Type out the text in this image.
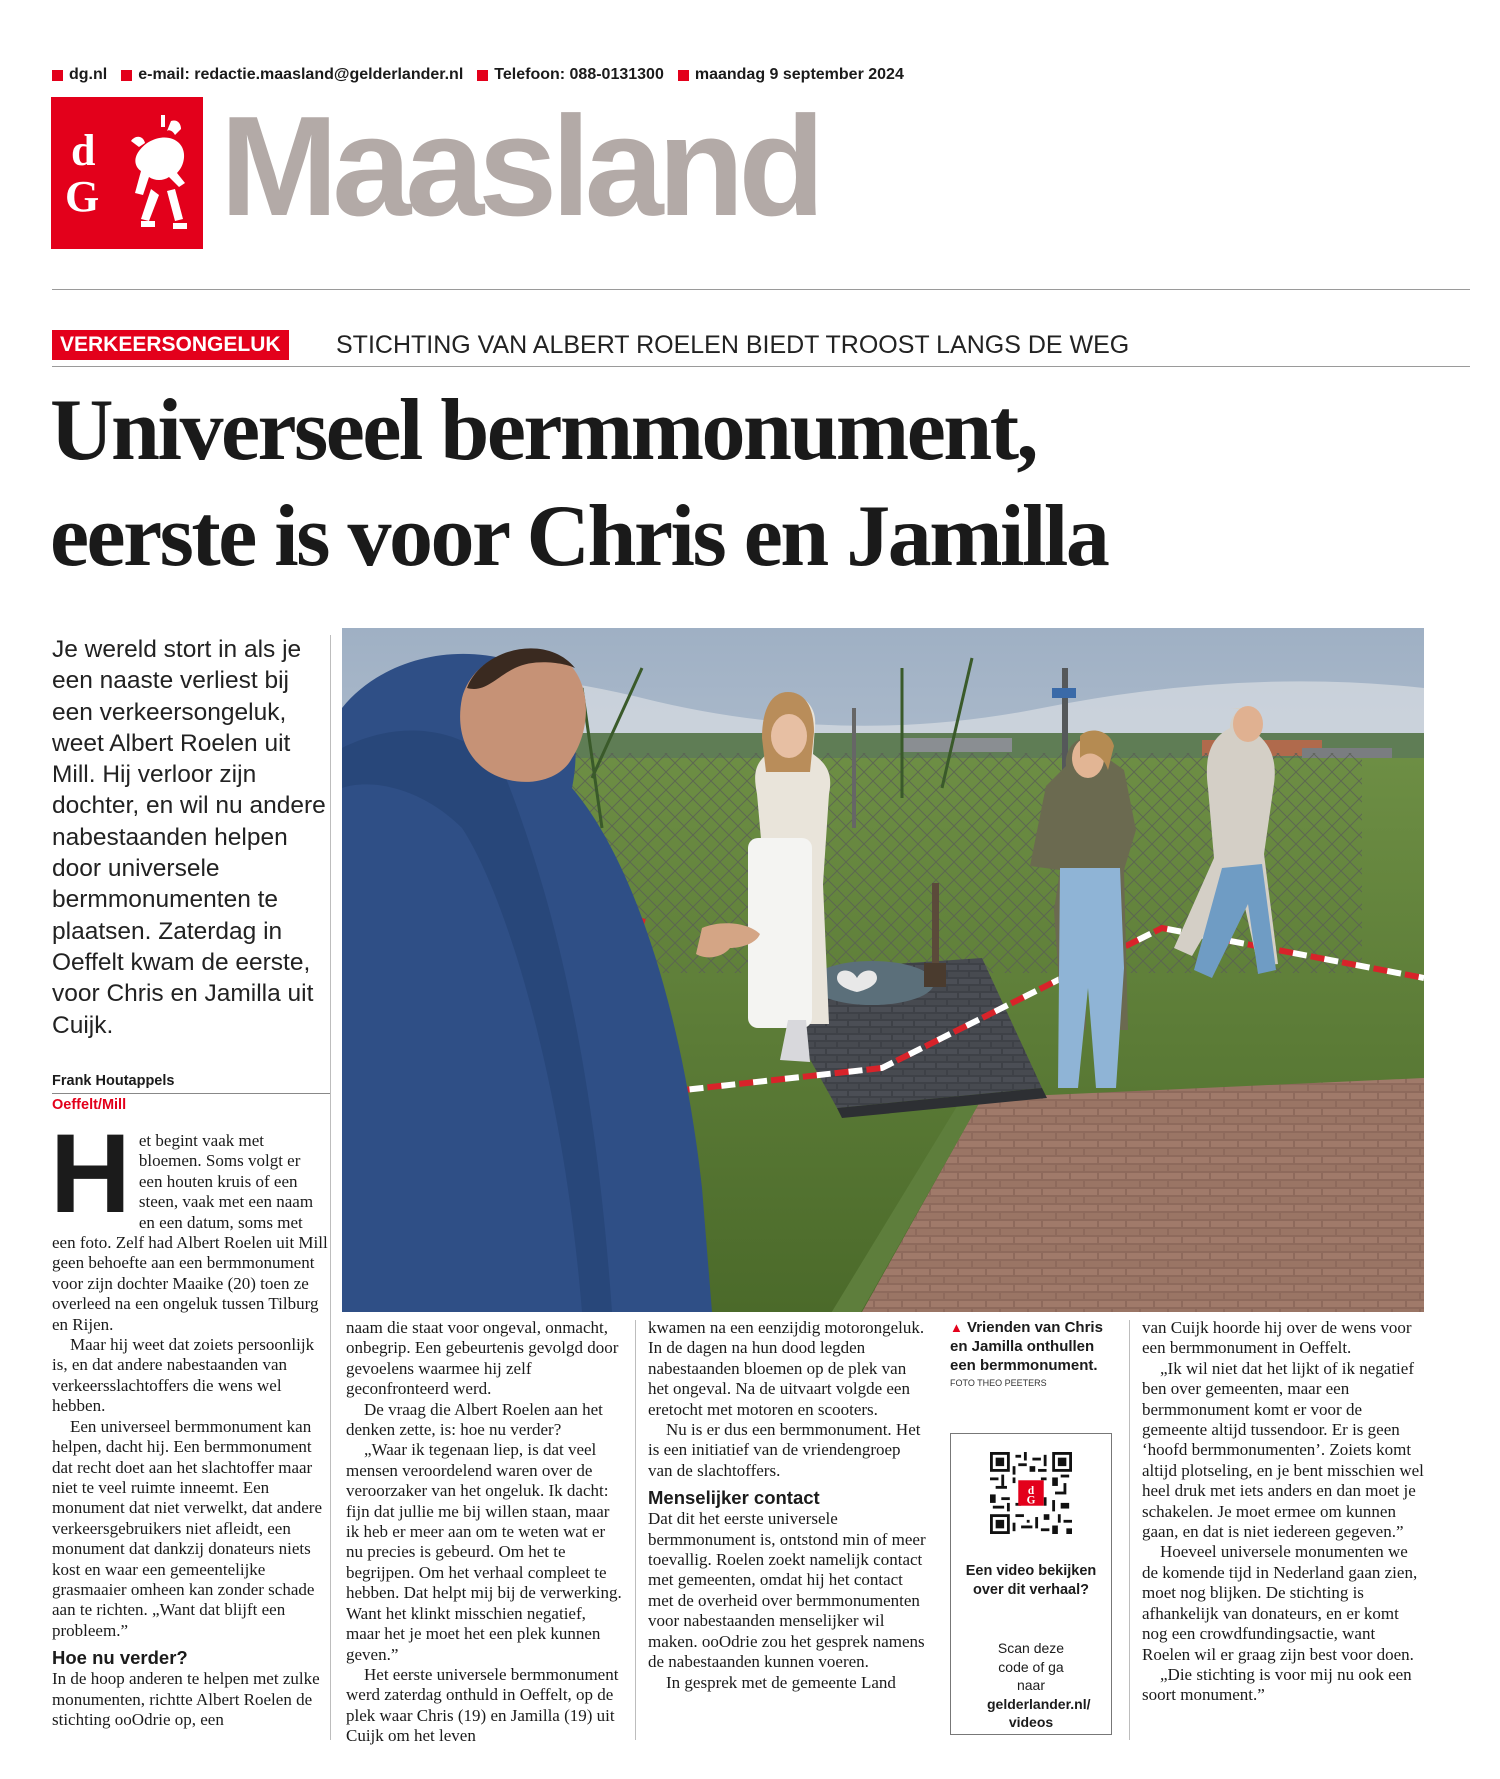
dg.nl e-mail: redactie.maasland@gelderlander.nl Telefoon: 088-0131300 maandag 9 september 2024
d
G Maasland
VERKEERSONGELUK	STICHTING VAN ALBERT ROELEN BIEDT TROOST LANGS DE WEG
Universeel bermmonument,
eerste is voor Chris en Jamilla
Je wereld stort in als je een naaste verliest bij een verkeersongeluk, weet Albert Roelen uit Mill. Hij verloor zijn dochter, en wil nu andere nabestaanden helpen door universele bermmonumenten te plaatsen. Zaterdag in Oeffelt kwam de eerste, voor Chris en Jamilla uit Cuijk.
Frank Houtappels
Oeffelt/Mill
H et begint vaak met bloemen. Soms volgt er een houten kruis of een steen, vaak met een naam en een datum, soms met een foto. Zelf had Albert Roelen uit Mill geen behoefte aan een bermmonument voor zijn dochter Maaike (20) toen ze overleed na een ongeluk tussen Tilburg en Rijen.

Maar hij weet dat zoiets persoonlijk is, en dat andere nabestaanden van verkeersslachtoffers die wens wel hebben.

Een universeel bermmonument kan helpen, dacht hij. Een bermmonument dat recht doet aan het slachtoffer maar niet te veel ruimte inneemt. Een monument dat niet verwelkt, dat andere verkeersgebruikers niet afleidt, een monument dat dankzij donateurs niets kost en waar een gemeentelijke grasmaaier omheen kan zonder schade aan te richten. „Want dat blijft een probleem.”

Hoe nu verder?

In de hoop anderen te helpen met zulke monumenten, richtte Albert Roelen de stichting ooOdrie op, een

naam die staat voor ongeval, onmacht, onbegrip. Een gebeurtenis gevolgd door gevoelens waarmee hij zelf geconfronteerd werd.

De vraag die Albert Roelen aan het denken zette, is: hoe nu verder?

„Waar ik tegenaan liep, is dat veel mensen veroordelend waren over de veroorzaker van het ongeluk. Ik dacht: fijn dat jullie me bij willen staan, maar ik heb er meer aan om te weten wat er nu precies is gebeurd. Om het te begrijpen. Om het verhaal compleet te hebben. Dat helpt mij bij de verwerking. Want het klinkt misschien negatief, maar het je moet het een plek kunnen geven.”

Het eerste universele bermmonument werd zaterdag onthuld in Oeffelt, op de plek waar Chris (19) en Jamilla (19) uit Cuijk om het leven

kwamen na een eenzijdig motorongeluk. In de dagen na hun dood legden nabestaanden bloemen op de plek van het ongeval. Na de uitvaart volgde een eretocht met motoren en scooters.

Nu is er dus een bermmonument. Het is een initiatief van de vriendengroep van de slachtoffers.

Menselijker contact

Dat dit het eerste universele bermmonument is, ontstond min of meer toevallig. Roelen zoekt namelijk contact met gemeenten, omdat hij het contact met de overheid over bermmonumenten voor nabestaanden menselijker wil maken. ooOdrie zou het gesprek namens de nabestaanden kunnen voeren.

In gesprek met de gemeente Land

▲ Vrienden van Chris en Jamilla onthullen een bermmonument.
FOTO THEO PEETERS
d
G
Een video bekijken over dit verhaal?
Scan deze code of ga naar
gelderlander.nl/ videos

van Cuijk hoorde hij over de wens voor een bermmonument in Oeffelt.

„Ik wil niet dat het lijkt of ik negatief ben over gemeenten, maar een bermmonument komt er voor de gemeente altijd tussendoor. Er is geen ‘hoofd bermmonumenten’. Zoiets komt altijd plotseling, en je bent misschien wel heel druk met iets anders en dan moet je schakelen. Je moet ermee om kunnen gaan, en dat is niet iedereen gegeven.”

Hoeveel universele monumenten we de komende tijd in Nederland gaan zien, moet nog blijken. De stichting is afhankelijk van donateurs, en er komt nog een crowdfundingsactie, want Roelen wil er graag zijn best voor doen.

„Die stichting is voor mij nu ook een soort monument.”
